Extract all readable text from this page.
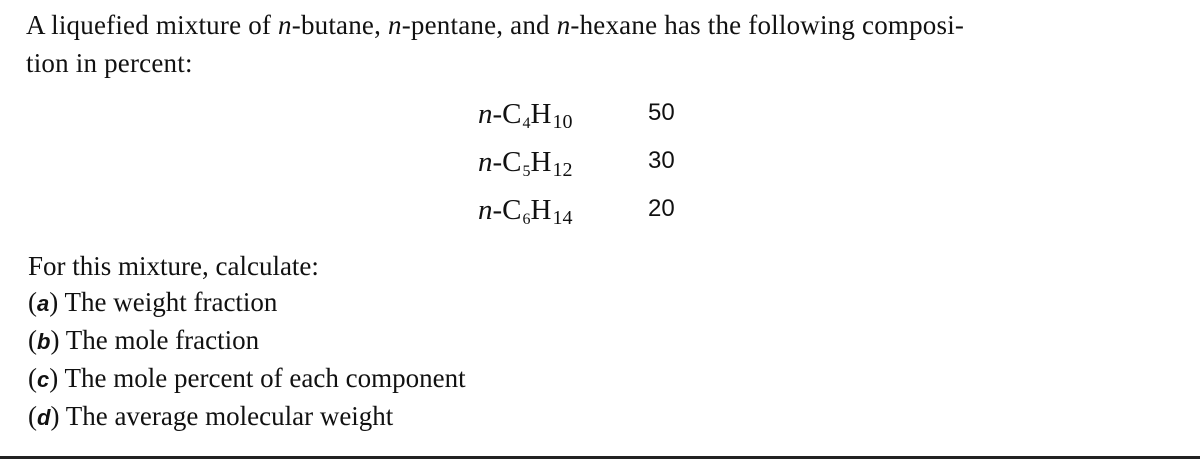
A liquefied mixture of n-butane, n-pentane, and n-hexane has the following composi-
tion in percent:
$n-C_4H_{10}$	50
$n-C_5H_{12}$	30
$n-C_6H_{14}$	20
For this mixture, calculate:
(a) The weight fraction
(b) The mole fraction
(c) The mole percent of each component
(d) The average molecular weight
